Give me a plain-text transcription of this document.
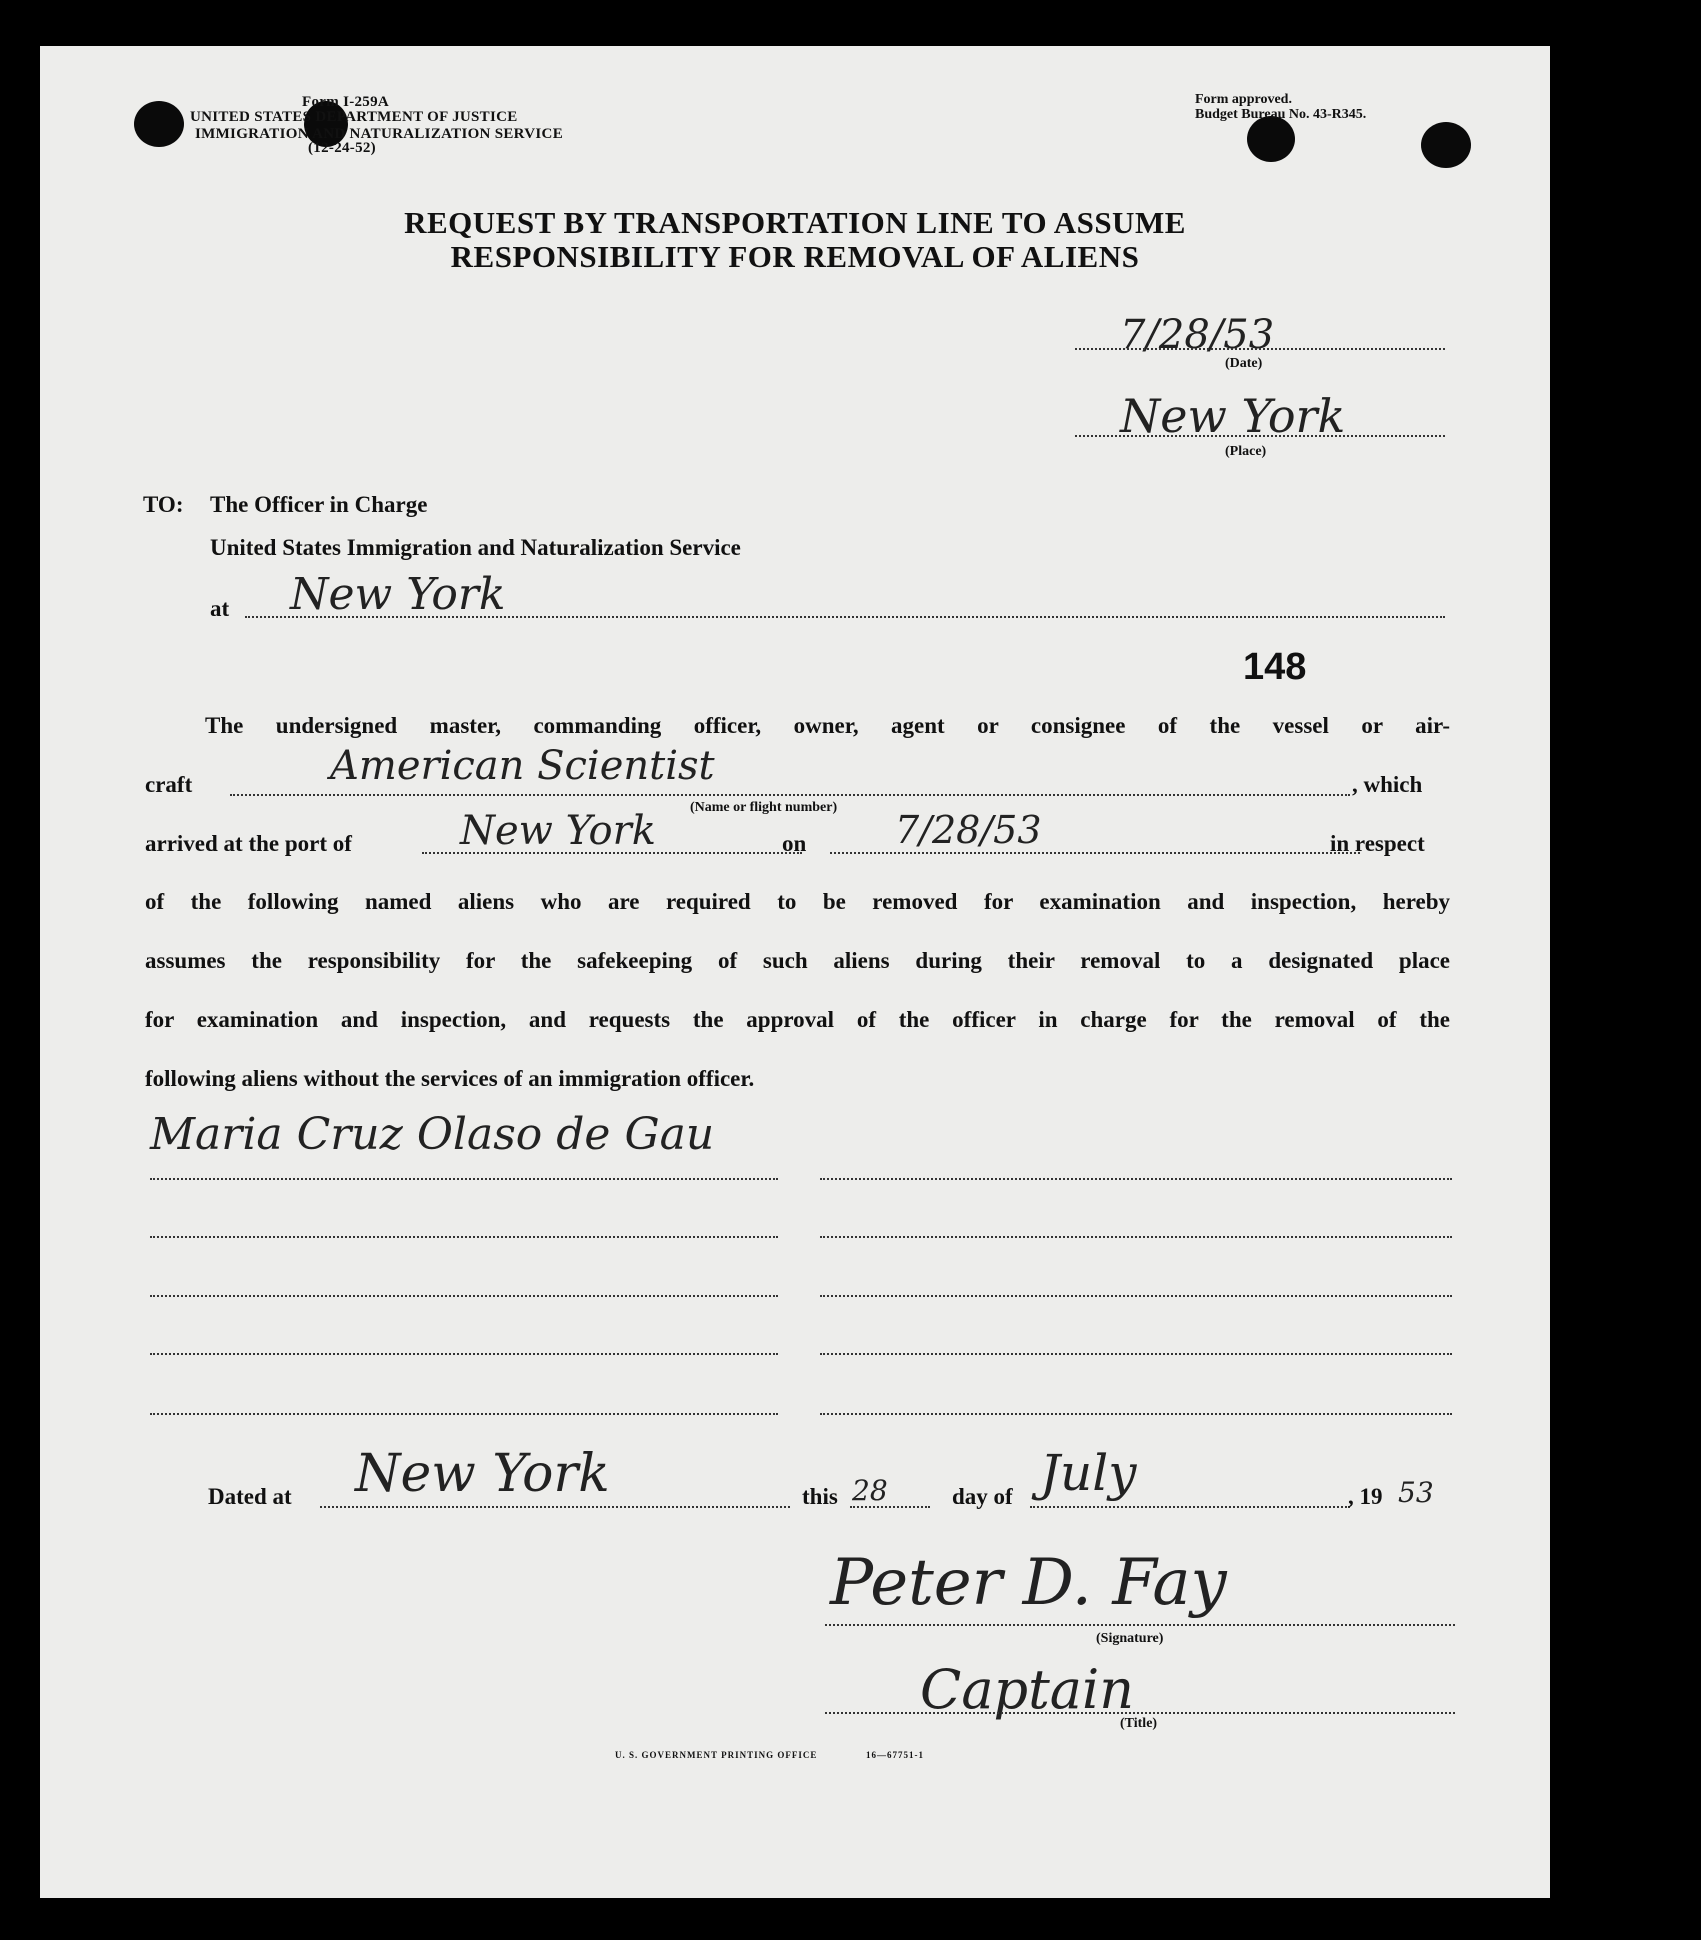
Form I-259A
UNITED STATES DEPARTMENT OF JUSTICE
IMMIGRATION AND NATURALIZATION SERVICE
(12-24-52)
Form approved.
Budget Bureau No. 43-R345.
REQUEST BY TRANSPORTATION LINE TO ASSUME
RESPONSIBILITY FOR REMOVAL OF ALIENS
7/28/53
(Date)
New York
(Place)
TO: The Officer in Charge
United States Immigration and Naturalization Service
at New York
148
The undersigned master, commanding officer, owner, agent or consignee of the vessel or air-
craft	American Scientist	, which
(Name or flight number)
arrived at the port of	New York	on 7/28/53	in respect
of the following named aliens who are required to be removed for examination and inspection, hereby
assumes the responsibility for the safekeeping of such aliens during their removal to a designated place
for examination and inspection, and requests the approval of the officer in charge for the removal of the
following aliens without the services of an immigration officer.
Maria Cruz Olaso de Gau
Dated at New York	this 28	day of July	, 19 53
Peter D. Fay
(Signature)
Captain
(Title)
U. S. GOVERNMENT PRINTING OFFICE	16—67751-1
